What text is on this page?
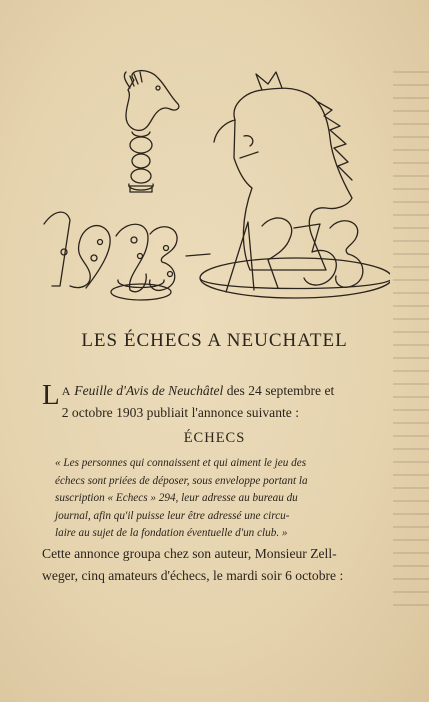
LES ÉCHECS A NEUCHATEL
L A Feuille d'Avis de Neuchâtel des 24 septembre et
2 octobre 1903 publiait l'annonce suivante :
ÉCHECS
« Les personnes qui connaissent et qui aiment le jeu des
échecs sont priées de déposer, sous enveloppe portant la
suscription « Echecs » 294, leur adresse au bureau du
journal, afin qu'il puisse leur être adressé une circu-
laire au sujet de la fondation éventuelle d'un club. »
Cette annonce groupa chez son auteur, Monsieur Zell-
weger, cinq amateurs d'échecs, le mardi soir 6 octobre :
